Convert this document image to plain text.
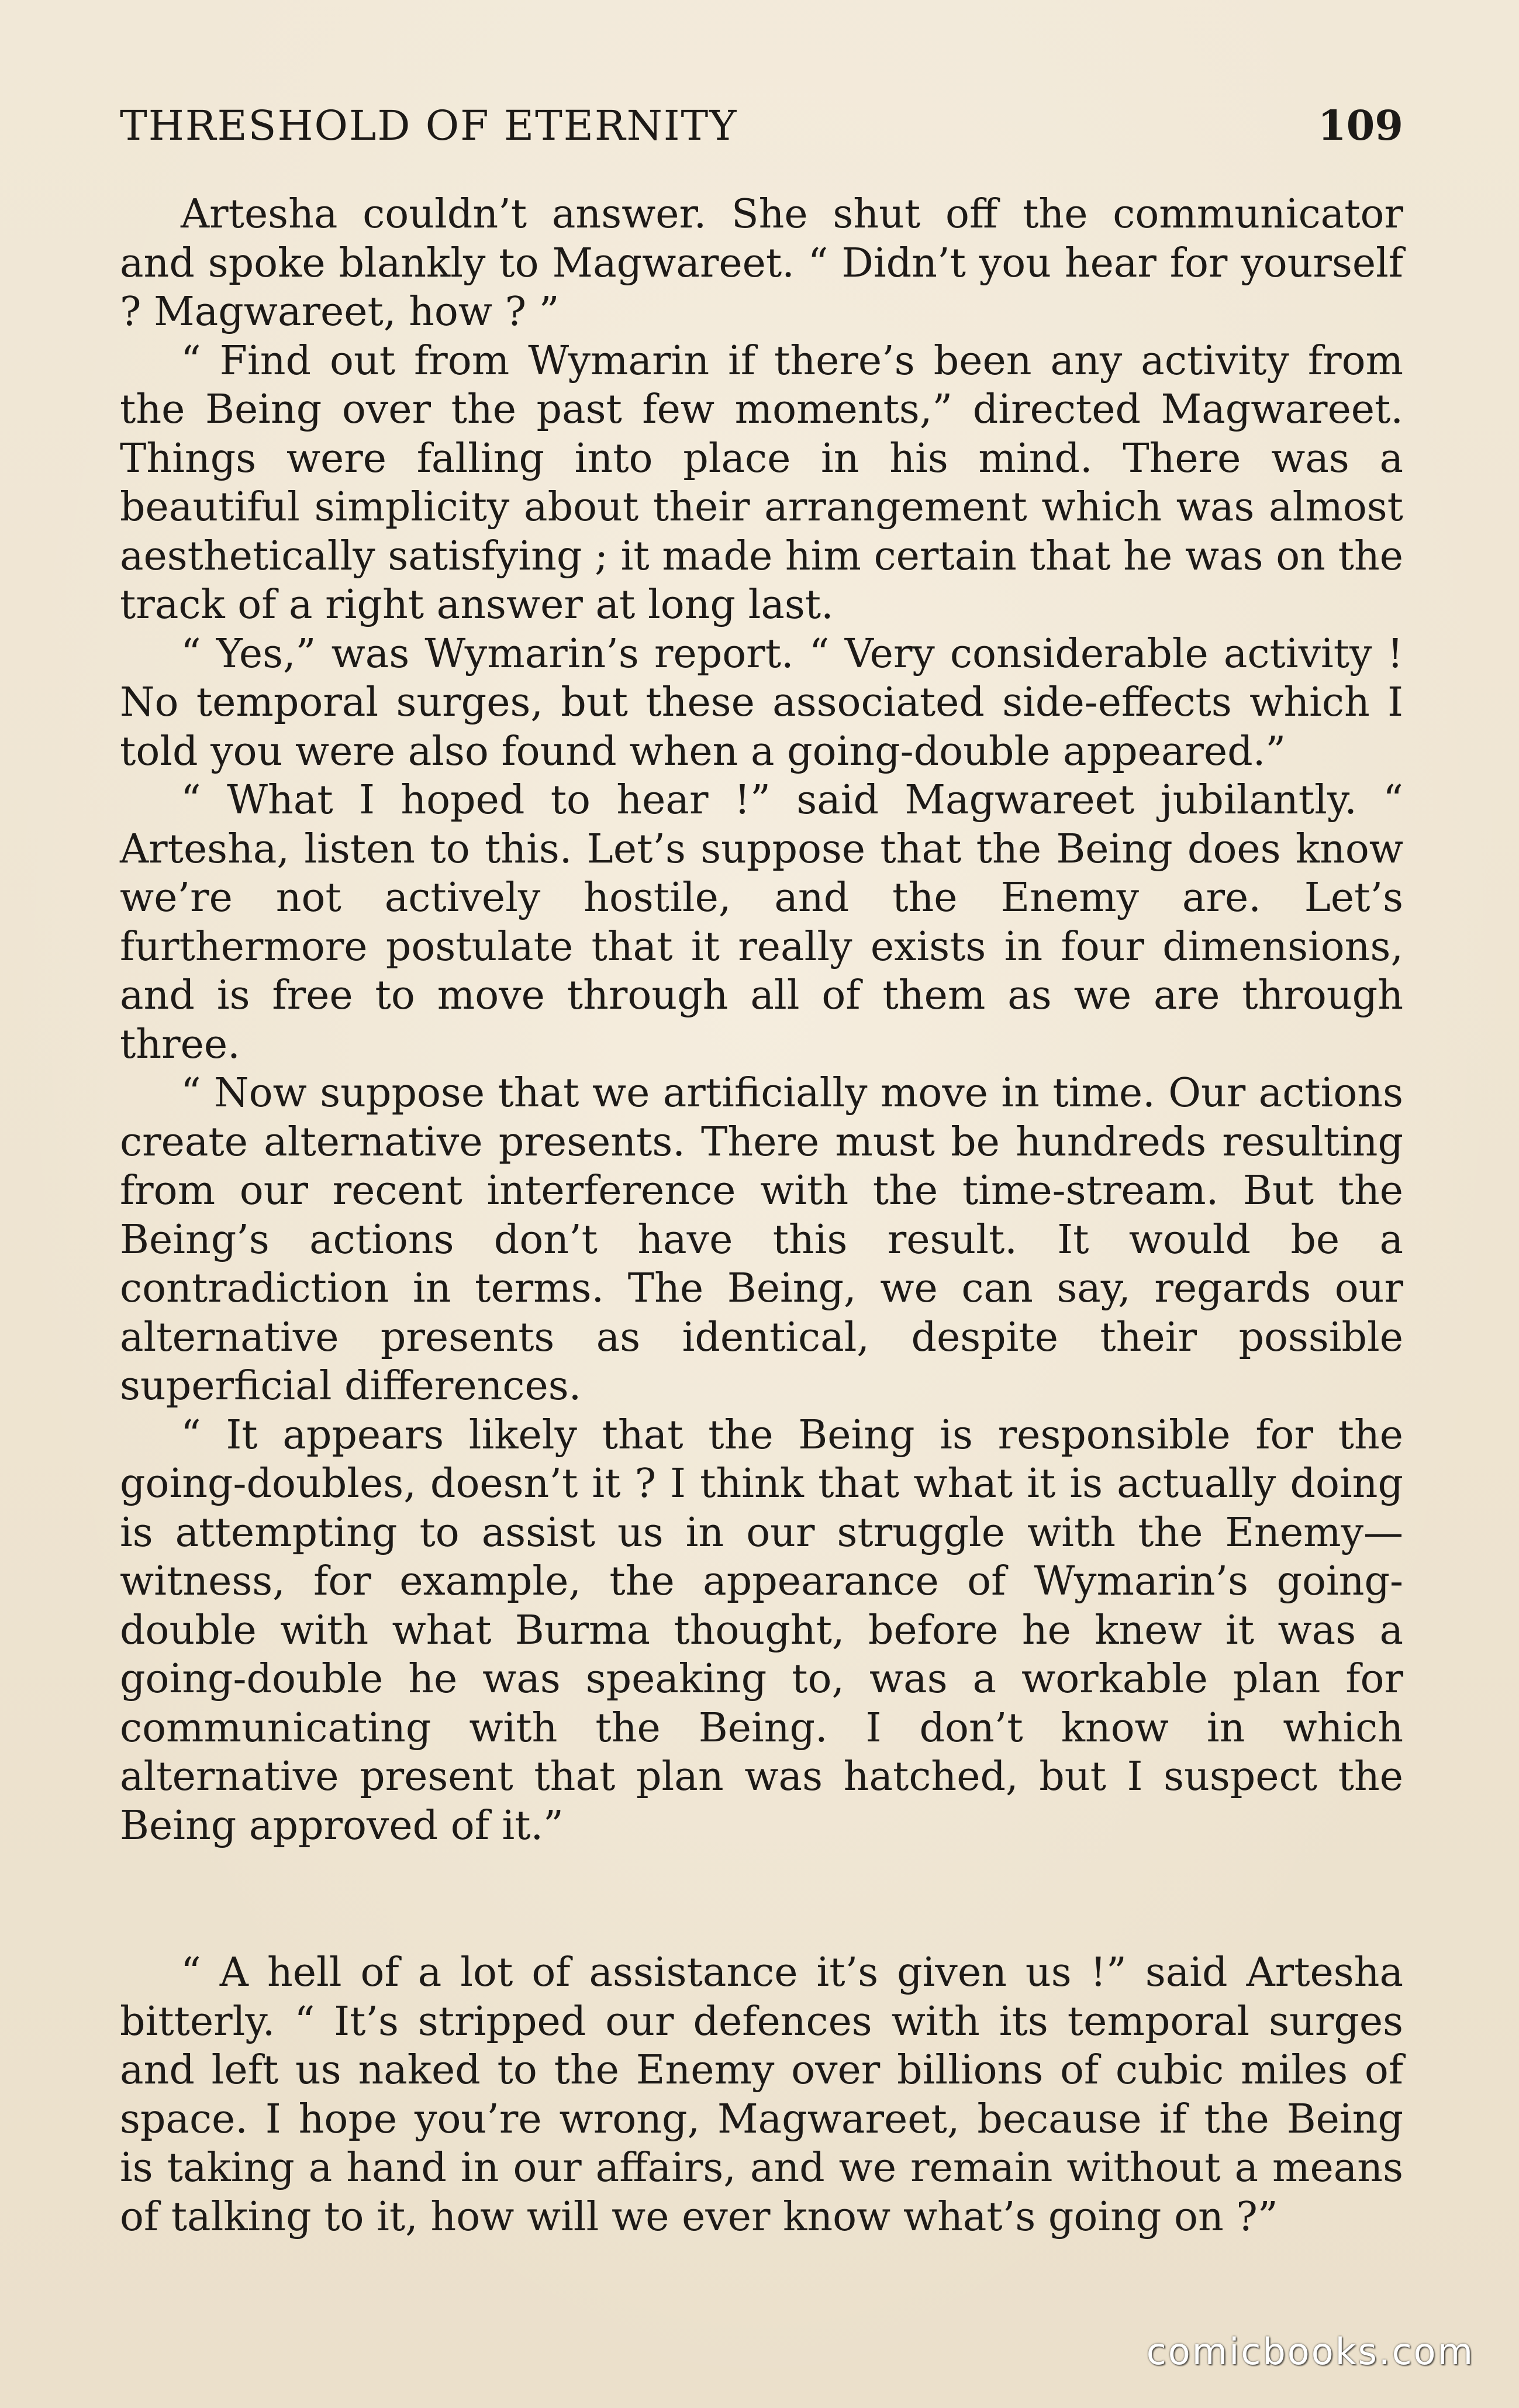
THRESHOLD OF ETERNITY	109

Artesha couldn’t answer. She shut off the communicator and spoke blankly to Magwareet. “ Didn’t you hear for yourself ? Magwareet, how ? ”

“ Find out from Wymarin if there’s been any activity from the Being over the past few moments,” directed Magwareet. Things were falling into place in his mind. There was a beautiful simplicity about their arrangement which was almost aesthetically satisfying ; it made him certain that he was on the track of a right answer at long last.

“ Yes,” was Wymarin’s report. “ Very considerable activity ! No temporal surges, but these associated side-effects which I told you were also found when a going-double appeared.”

“ What I hoped to hear !” said Magwareet jubilantly. “ Artesha, listen to this. Let’s suppose that the Being does know we’re not actively hostile, and the Enemy are. Let’s furthermore postulate that it really exists in four dimensions, and is free to move through all of them as we are through three.

“ Now suppose that we artificially move in time. Our actions create alternative presents. There must be hundreds resulting from our recent interference with the time-stream. But the Being’s actions don’t have this result. It would be a contradiction in terms. The Being, we can say, regards our alternative presents as identical, despite their possible superficial differences.

“ It appears likely that the Being is responsible for the going-doubles, doesn’t it ? I think that what it is actually doing is attempting to assist us in our struggle with the Enemy—witness, for example, the appearance of Wymarin’s going-double with what Burma thought, before he knew it was a going-double he was speaking to, was a workable plan for communicating with the Being. I don’t know in which alternative present that plan was hatched, but I suspect the Being approved of it.”

“ A hell of a lot of assistance it’s given us !” said Artesha bitterly. “ It’s stripped our defences with its temporal surges and left us naked to the Enemy over billions of cubic miles of space. I hope you’re wrong, Magwareet, because if the Being is taking a hand in our affairs, and we remain without a means of talking to it, how will we ever know what’s going on ?”

comicbooks.com
